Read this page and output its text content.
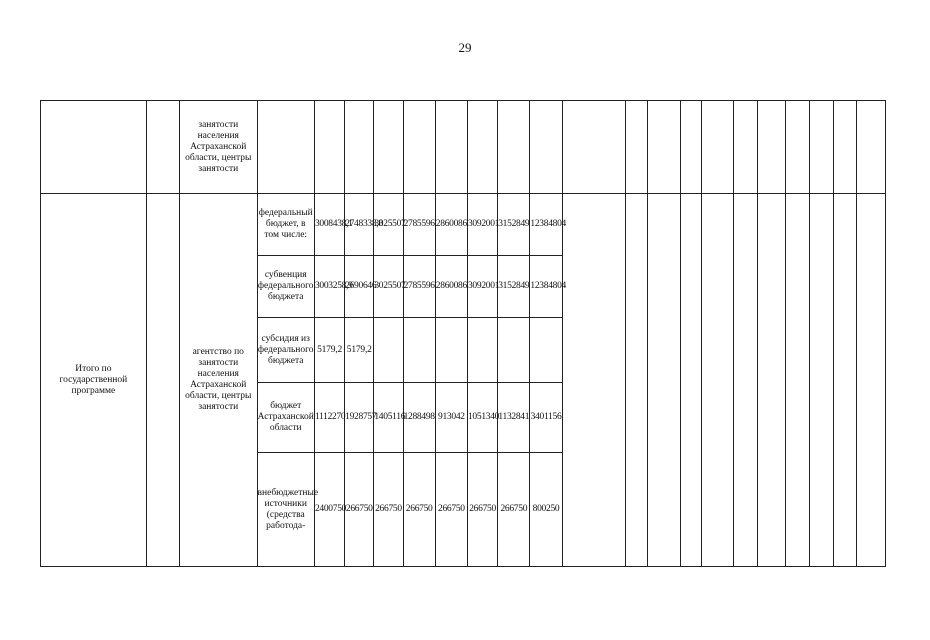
29
		занятости населения Астраханской области, центры занятости																				
Итого по государственной программе		агентство по занятости населения Астраханской области, центры занятости	федеральный бюджет, в том числе:	3008438,1	2748338,8	3025507	2785596	2860086	3092001	3152849	12384804											
			субвенция федерального бюджета	3003258,9	2690646	3025507	2785596	2860086	3092001	3152849	12384804											
			субсидия из федерального бюджета	5179,2	5179,2																	
			бюджет Астраханской области	1112270	1928757	1405116	1288498	913042	1051340	1132841	3401156											
			внебюджетные источники (средства работода-	2400750	266750	266750	266750	266750	266750	266750	800250											
